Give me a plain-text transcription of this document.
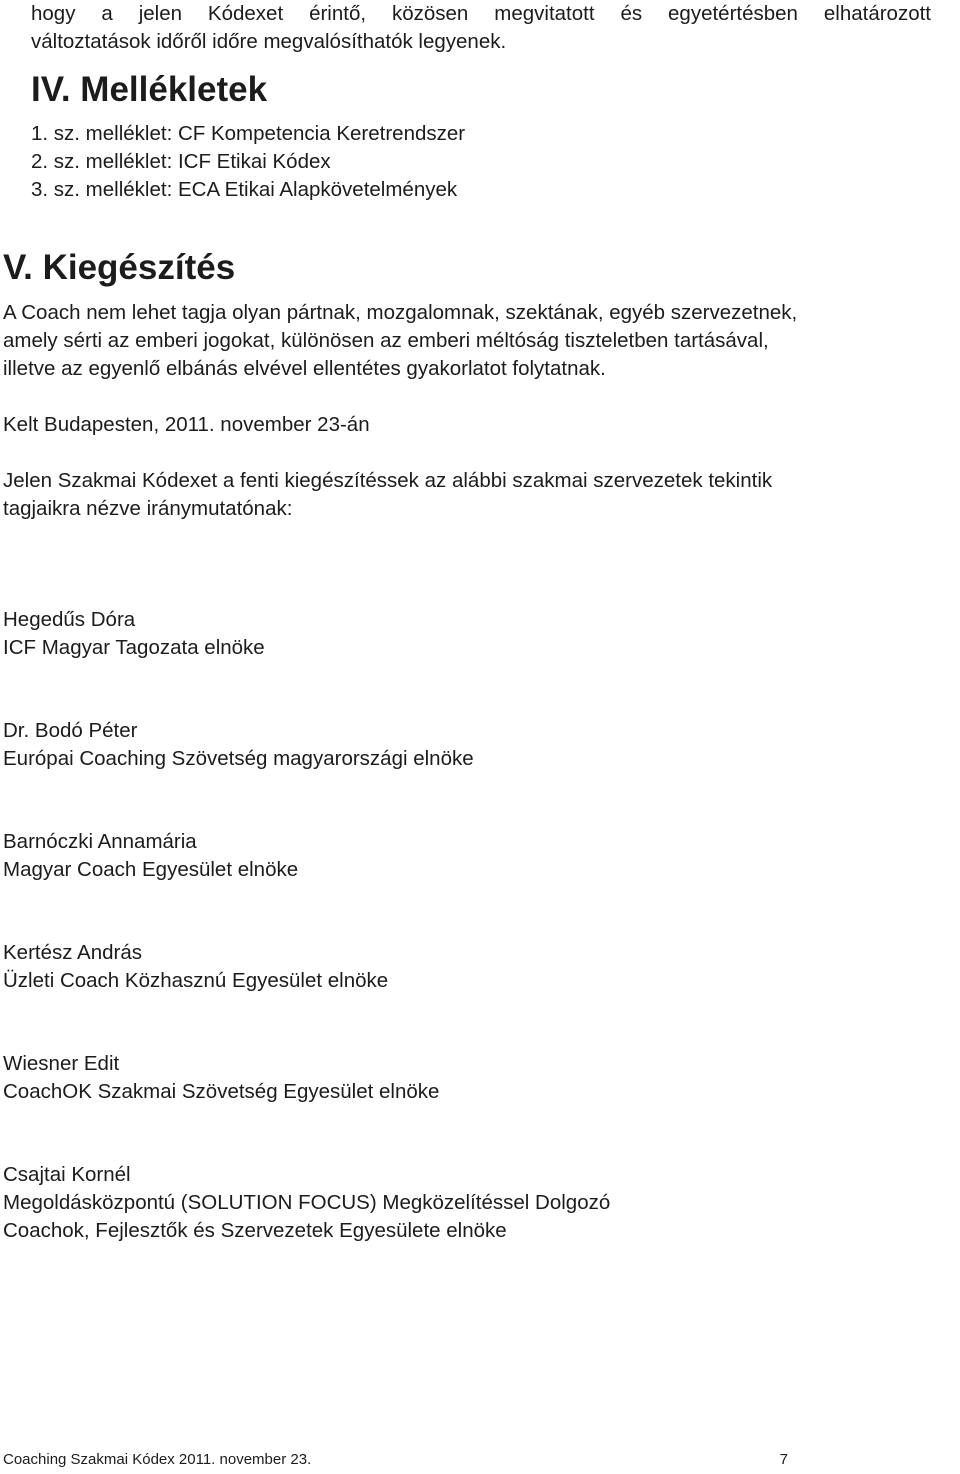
hogy a jelen Kódexet érintő, közösen megvitatott és egyetértésben elhatározott

változtatások időről időre megvalósíthatók legyenek.

IV. Mellékletek

1. sz. melléklet: CF Kompetencia Keretrendszer

2. sz. melléklet: ICF Etikai Kódex

3. sz. melléklet: ECA Etikai Alapkövetelmények

V. Kiegészítés

A Coach nem lehet tagja olyan pártnak, mozgalomnak, szektának, egyéb szervezetnek,

amely sérti az emberi jogokat, különösen az emberi méltóság tiszteletben tartásával,

illetve az egyenlő elbánás elvével ellentétes gyakorlatot folytatnak.

Kelt Budapesten, 2011. november 23-án

Jelen Szakmai Kódexet a fenti kiegészítéssek az alábbi szakmai szervezetek tekintik

tagjaikra nézve iránymutatónak:

Hegedűs Dóra

ICF Magyar Tagozata elnöke

Dr. Bodó Péter

Európai Coaching Szövetség magyarországi elnöke

Barnóczki Annamária

Magyar Coach Egyesület elnöke

Kertész András

Üzleti Coach Közhasznú Egyesület elnöke

Wiesner Edit

CoachOK Szakmai Szövetség Egyesület elnöke

Csajtai Kornél

Megoldásközpontú (SOLUTION FOCUS) Megközelítéssel Dolgozó

Coachok, Fejlesztők és Szervezetek Egyesülete elnöke

Coaching Szakmai Kódex 2011. november 23.	7
